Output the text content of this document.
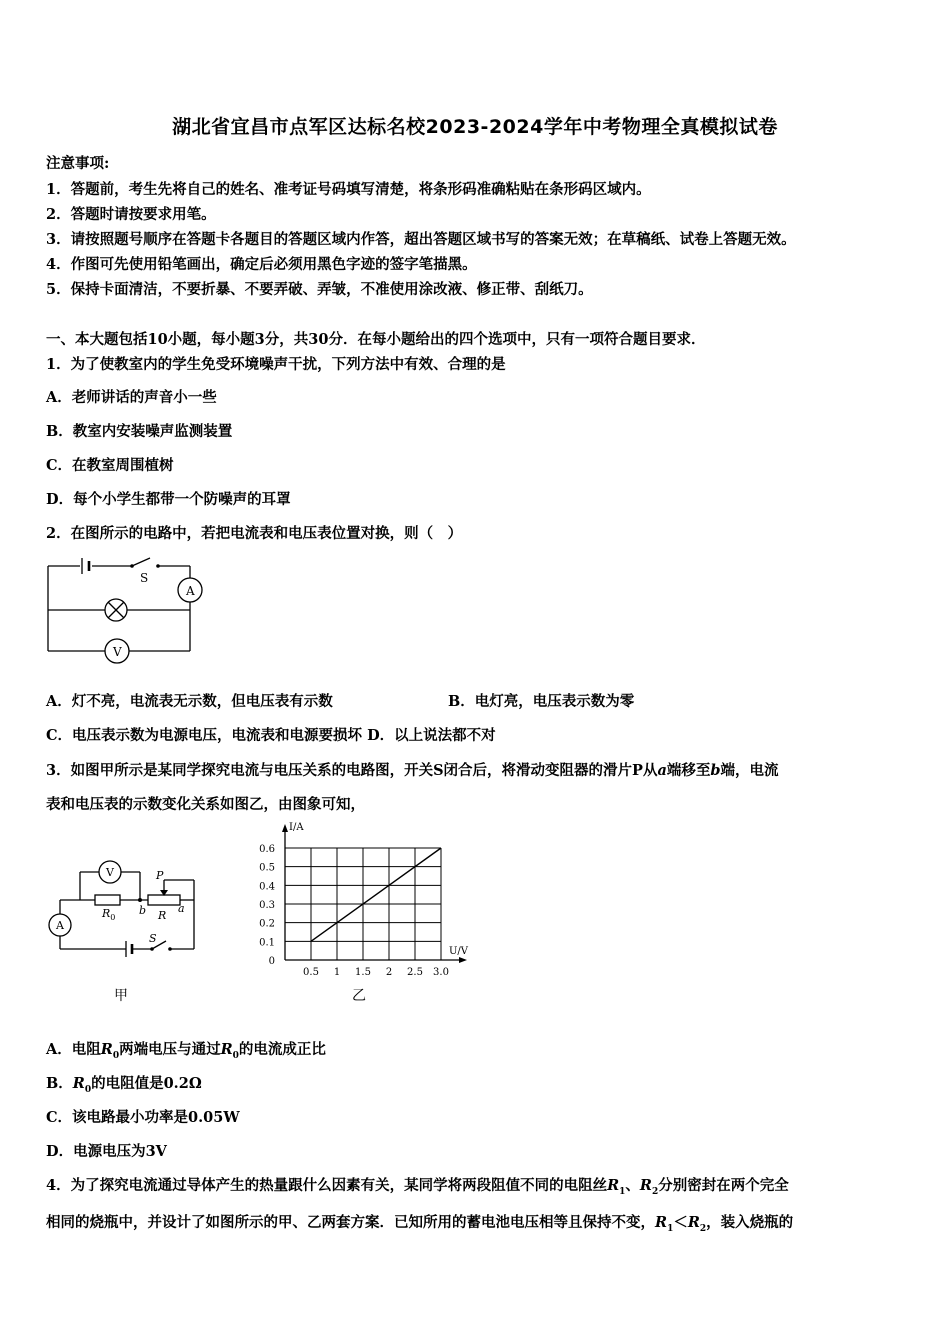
湖北省宜昌市点军区达标名校2023-2024学年中考物理全真模拟试卷
注意事项:
1．答题前，考生先将自己的姓名、准考证号码填写清楚，将条形码准确粘贴在条形码区域内。
2．答题时请按要求用笔。
3．请按照题号顺序在答题卡各题目的答题区域内作答，超出答题区域书写的答案无效；在草稿纸、试卷上答题无效。
4．作图可先使用铅笔画出，确定后必须用黑色字迹的签字笔描黑。
5．保持卡面清洁，不要折暴、不要弄破、弄皱，不准使用涂改液、修正带、刮纸刀。
一、本大题包括10小题，每小题3分，共30分．在每小题给出的四个选项中，只有一项符合题目要求．
1．为了使教室内的学生免受环境噪声干扰，下列方法中有效、合理的是
A．老师讲话的声音小一些
B．教室内安装噪声监测装置
C．在教室周围植树
D．每个小学生都带一个防噪声的耳罩
2．在图所示的电路中，若把电流表和电压表位置对换，则（　）
S
A
V
A．灯不亮，电流表无示数，但电压表有示数	B．电灯亮，电压表示数为零
C．电压表示数为电源电压，电流表和电源要损坏 D．以上说法都不对
3．如图甲所示是某同学探究电流与电压关系的电路图，开关S闭合后，将滑动变阻器的滑片P从a端移至b端，电流
表和电压表的示数变化关系如图乙，由图象可知，
V
A
P
$R_0$
b	a
R
S
甲
0.5 1 1.5 2 2.5 3.0
0
0.1
0.2
0.3
0.4
0.5
0.6
U/V
I/A
乙
A．电阻$R_0$两端电压与通过$R_0$的电流成正比
B．$R_0$的电阻值是0.2Ω
C．该电路最小功率是0.05W
D．电源电压为3V
4．为了探究电流通过导体产生的热量跟什么因素有关，某同学将两段阻值不同的电阻丝$R_1$、$R_2$分别密封在两个完全
相同的烧瓶中，并设计了如图所示的甲、乙两套方案．已知所用的蓄电池电压相等且保持不变，$R_1<R_2$，装入烧瓶的
